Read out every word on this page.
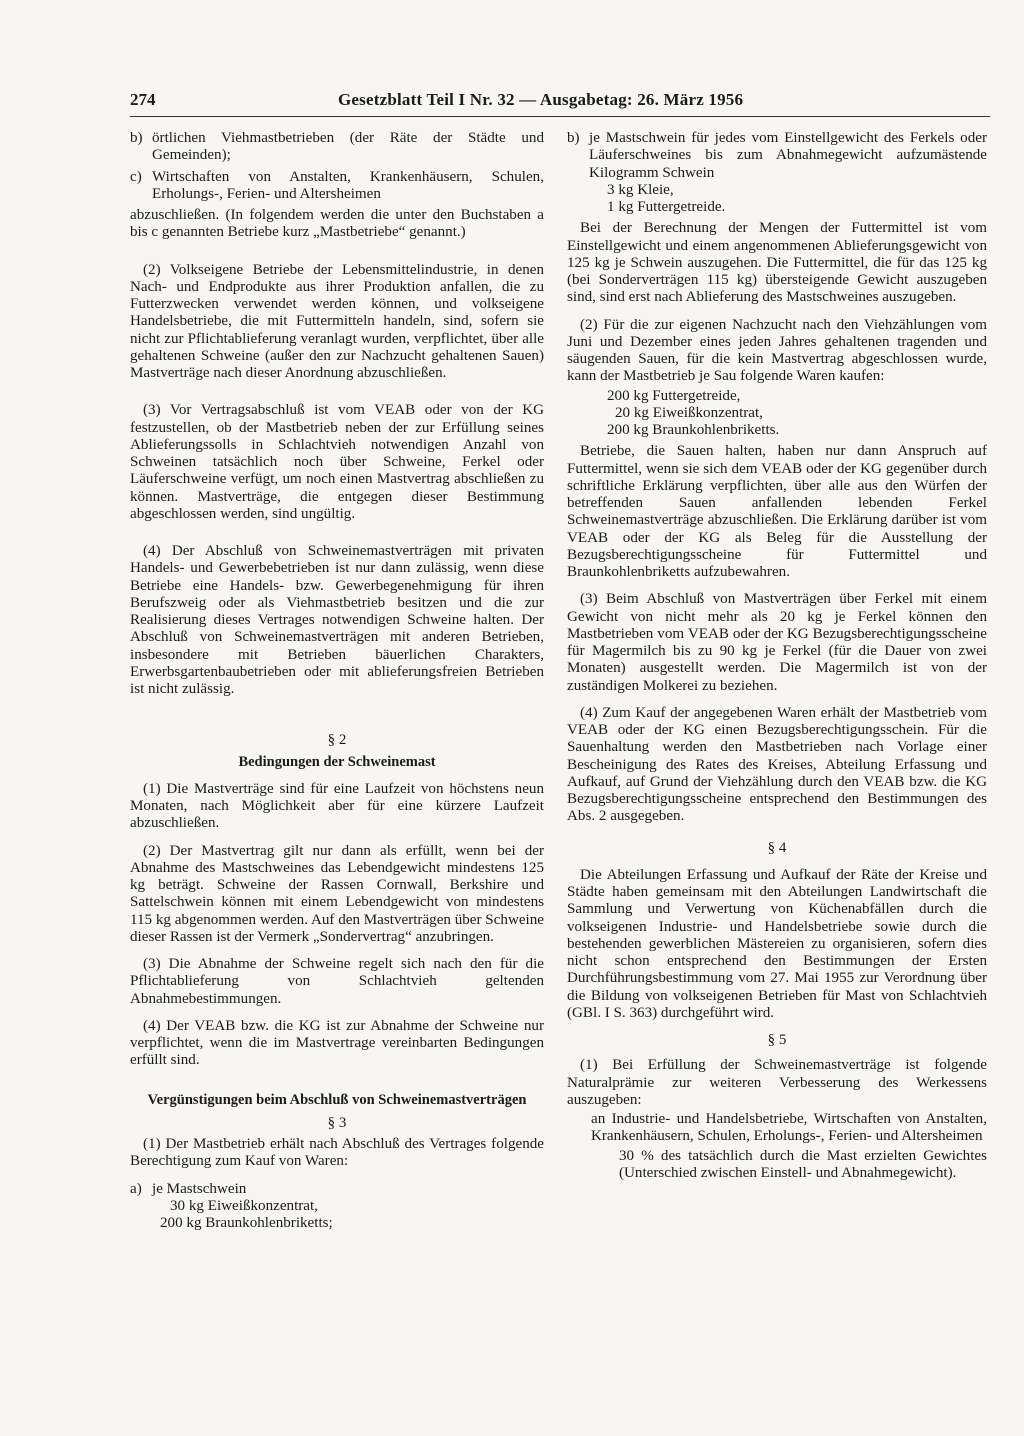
274	Gesetzblatt Teil I Nr. 32 — Ausgabetag: 26. März 1956
b) örtlichen Viehmastbetrieben (der Räte der Städte und Gemeinden);
c) Wirtschaften von Anstalten, Krankenhäusern, Schulen, Erholungs-, Ferien- und Altersheimen

abzuschließen. (In folgendem werden die unter den Buchstaben a bis c genannten Betriebe kurz „Mastbetriebe“ genannt.)

(2) Volkseigene Betriebe der Lebensmittelindustrie, in denen Nach- und Endprodukte aus ihrer Produktion anfallen, die zu Futterzwecken verwendet werden können, und volkseigene Handelsbetriebe, die mit Futtermitteln handeln, sind, sofern sie nicht zur Pflichtablieferung veranlagt wurden, verpflichtet, über alle gehaltenen Schweine (außer den zur Nachzucht gehaltenen Sauen) Mastverträge nach dieser Anordnung abzuschließen.

(3) Vor Vertragsabschluß ist vom VEAB oder von der KG festzustellen, ob der Mastbetrieb neben der zur Erfüllung seines Ablieferungssolls in Schlachtvieh notwendigen Anzahl von Schweinen tatsächlich noch über Schweine, Ferkel oder Läuferschweine verfügt, um noch einen Mastvertrag abschließen zu können. Mastverträge, die entgegen dieser Bestimmung abgeschlossen werden, sind ungültig.

(4) Der Abschluß von Schweinemastverträgen mit privaten Handels- und Gewerbebetrieben ist nur dann zulässig, wenn diese Betriebe eine Handels- bzw. Gewerbegenehmigung für ihren Berufszweig oder als Viehmastbetrieb besitzen und die zur Realisierung dieses Vertrages notwendigen Schweine halten. Der Abschluß von Schweinemastverträgen mit anderen Betrieben, insbesondere mit Betrieben bäuerlichen Charakters, Erwerbsgartenbaubetrieben oder mit ablieferungsfreien Betrieben ist nicht zulässig.

§ 2
Bedingungen der Schweinemast

(1) Die Mastverträge sind für eine Laufzeit von höchstens neun Monaten, nach Möglichkeit aber für eine kürzere Laufzeit abzuschließen.

(2) Der Mastvertrag gilt nur dann als erfüllt, wenn bei der Abnahme des Mastschweines das Lebendgewicht mindestens 125 kg beträgt. Schweine der Rassen Cornwall, Berkshire und Sattelschwein können mit einem Lebendgewicht von mindestens 115 kg abgenommen werden. Auf den Mastverträgen über Schweine dieser Rassen ist der Vermerk „Sondervertrag“ anzubringen.

(3) Die Abnahme der Schweine regelt sich nach den für die Pflichtablieferung von Schlachtvieh geltenden Abnahmebestimmungen.

(4) Der VEAB bzw. die KG ist zur Abnahme der Schweine nur verpflichtet, wenn die im Mastvertrage vereinbarten Bedingungen erfüllt sind.

Vergünstigungen beim Abschluß von Schweinemastverträgen
§ 3

(1) Der Mastbetrieb erhält nach Abschluß des Vertrages folgende Berechtigung zum Kauf von Waren:

a) je Mastschwein
30 kg Eiweißkonzentrat,
200 kg Braunkohlenbriketts;
b) je Mastschwein für jedes vom Einstellgewicht des Ferkels oder Läuferschweines bis zum Abnahmegewicht aufzumästende Kilogramm Schwein
3 kg Kleie,
1 kg Futtergetreide.

Bei der Berechnung der Mengen der Futtermittel ist vom Einstellgewicht und einem angenommenen Ablieferungsgewicht von 125 kg je Schwein auszugehen. Die Futtermittel, die für das 125 kg (bei Sonderverträgen 115 kg) übersteigende Gewicht auszugeben sind, sind erst nach Ablieferung des Mastschweines auszugeben.

(2) Für die zur eigenen Nachzucht nach den Viehzählungen vom Juni und Dezember eines jeden Jahres gehaltenen tragenden und säugenden Sauen, für die kein Mastvertrag abgeschlossen wurde, kann der Mastbetrieb je Sau folgende Waren kaufen:

200 kg Futtergetreide,
20 kg Eiweißkonzentrat,
200 kg Braunkohlenbriketts.

Betriebe, die Sauen halten, haben nur dann Anspruch auf Futtermittel, wenn sie sich dem VEAB oder der KG gegenüber durch schriftliche Erklärung verpflichten, über alle aus den Würfen der betreffenden Sauen anfallenden lebenden Ferkel Schweinemastverträge abzuschließen. Die Erklärung darüber ist vom VEAB oder der KG als Beleg für die Ausstellung der Bezugsberechtigungsscheine für Futtermittel und Braunkohlenbriketts aufzubewahren.

(3) Beim Abschluß von Mastverträgen über Ferkel mit einem Gewicht von nicht mehr als 20 kg je Ferkel können den Mastbetrieben vom VEAB oder der KG Bezugsberechtigungsscheine für Magermilch bis zu 90 kg je Ferkel (für die Dauer von zwei Monaten) ausgestellt werden. Die Magermilch ist von der zuständigen Molkerei zu beziehen.

(4) Zum Kauf der angegebenen Waren erhält der Mastbetrieb vom VEAB oder der KG einen Bezugsberechtigungsschein. Für die Sauenhaltung werden den Mastbetrieben nach Vorlage einer Bescheinigung des Rates des Kreises, Abteilung Erfassung und Aufkauf, auf Grund der Viehzählung durch den VEAB bzw. die KG Bezugsberechtigungsscheine entsprechend den Bestimmungen des Abs. 2 ausgegeben.

§ 4

Die Abteilungen Erfassung und Aufkauf der Räte der Kreise und Städte haben gemeinsam mit den Abteilungen Landwirtschaft die Sammlung und Verwertung von Küchenabfällen durch die volkseigenen Industrie- und Handelsbetriebe sowie durch die bestehenden gewerblichen Mästereien zu organisieren, sofern dies nicht schon entsprechend den Bestimmungen der Ersten Durchführungsbestimmung vom 27. Mai 1955 zur Verordnung über die Bildung von volkseigenen Betrieben für Mast von Schlachtvieh (GBl. I S. 363) durchgeführt wird.

§ 5

(1) Bei Erfüllung der Schweinemastverträge ist folgende Naturalprämie zur weiteren Verbesserung des Werkessens auszugeben:

an Industrie- und Handelsbetriebe, Wirtschaften von Anstalten, Krankenhäusern, Schulen, Erholungs-, Ferien- und Altersheimen
30 % des tatsächlich durch die Mast erzielten Gewichtes (Unterschied zwischen Einstell- und Abnahmegewicht).
